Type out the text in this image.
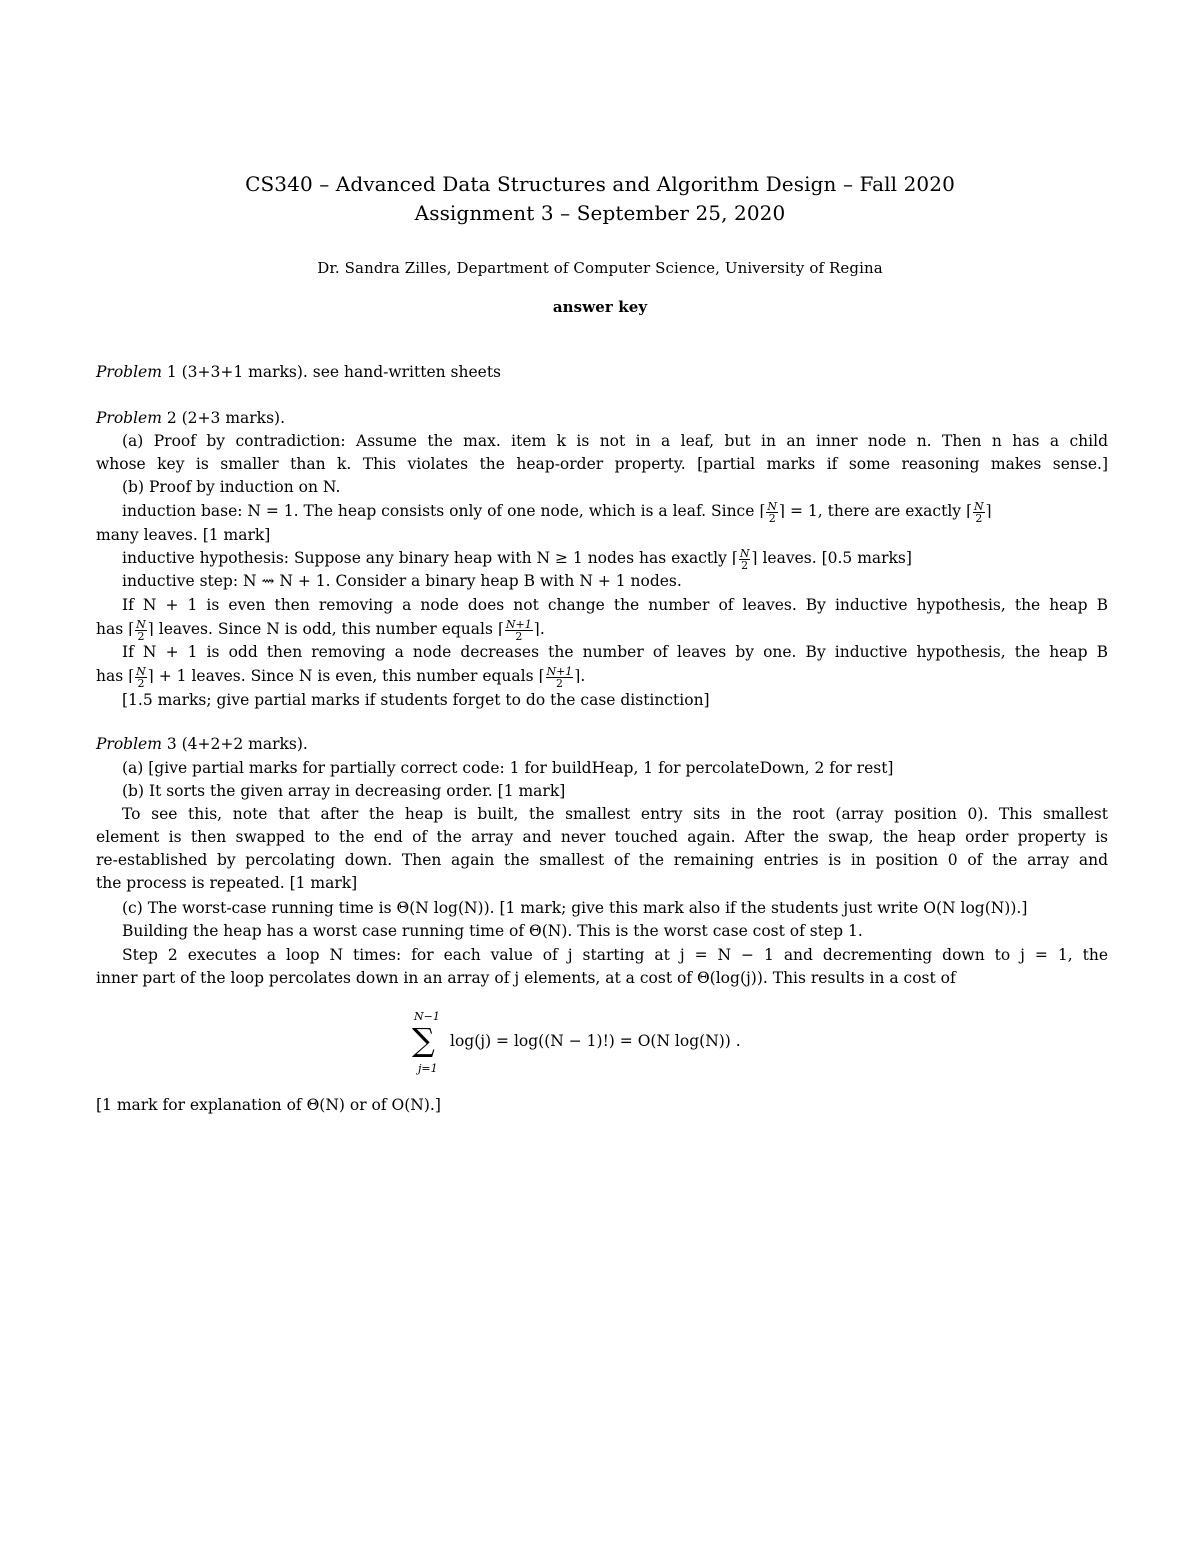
CS340 – Advanced Data Structures and Algorithm Design – Fall 2020
Assignment 3 – September 25, 2020
Dr. Sandra Zilles, Department of Computer Science, University of Regina
answer key
Problem 1 (3+3+1 marks). see hand-written sheets
Problem 2 (2+3 marks).
(a) Proof by contradiction: Assume the max. item k is not in a leaf, but in an inner node n. Then n has a child
whose key is smaller than k. This violates the heap-order property. [partial marks if some reasoning makes sense.]
(b) Proof by induction on N.
induction base: N = 1. The heap consists only of one node, which is a leaf. Since ⌈ $\frac{N}{2}$ ⌉ = 1, there are exactly ⌈ $\frac{N}{2}$ ⌉
many leaves. [1 mark]
inductive hypothesis: Suppose any binary heap with N ≥ 1 nodes has exactly ⌈ $\frac{N}{2}$ ⌉ leaves. [0.5 marks]
inductive step: N ⇝ N + 1. Consider a binary heap B with N + 1 nodes.
If N + 1 is even then removing a node does not change the number of leaves. By inductive hypothesis, the heap B
has ⌈ $\frac{N}{2}$ ⌉ leaves. Since N is odd, this number equals ⌈ $\frac{N+1}{2}$ ⌉.
If N + 1 is odd then removing a node decreases the number of leaves by one. By inductive hypothesis, the heap B
has ⌈ $\frac{N}{2}$ ⌉ + 1 leaves. Since N is even, this number equals ⌈ $\frac{N+1}{2}$ ⌉.
[1.5 marks; give partial marks if students forget to do the case distinction]
Problem 3 (4+2+2 marks).
(a) [give partial marks for partially correct code: 1 for buildHeap, 1 for percolateDown, 2 for rest]
(b) It sorts the given array in decreasing order. [1 mark]
To see this, note that after the heap is built, the smallest entry sits in the root (array position 0). This smallest
element is then swapped to the end of the array and never touched again. After the swap, the heap order property is
re-established by percolating down. Then again the smallest of the remaining entries is in position 0 of the array and
the process is repeated. [1 mark]
(c) The worst-case running time is Θ(N log(N)). [1 mark; give this mark also if the students just write O(N log(N)).]
Building the heap has a worst case running time of Θ(N). This is the worst case cost of step 1.
Step 2 executes a loop N times: for each value of j starting at j = N − 1 and decrementing down to j = 1, the
inner part of the loop percolates down in an array of j elements, at a cost of Θ(log(j)). This results in a cost of
N−1
∑
j=1
log(j) = log((N − 1)!) = O(N log(N)) .
[1 mark for explanation of Θ(N) or of O(N).]
